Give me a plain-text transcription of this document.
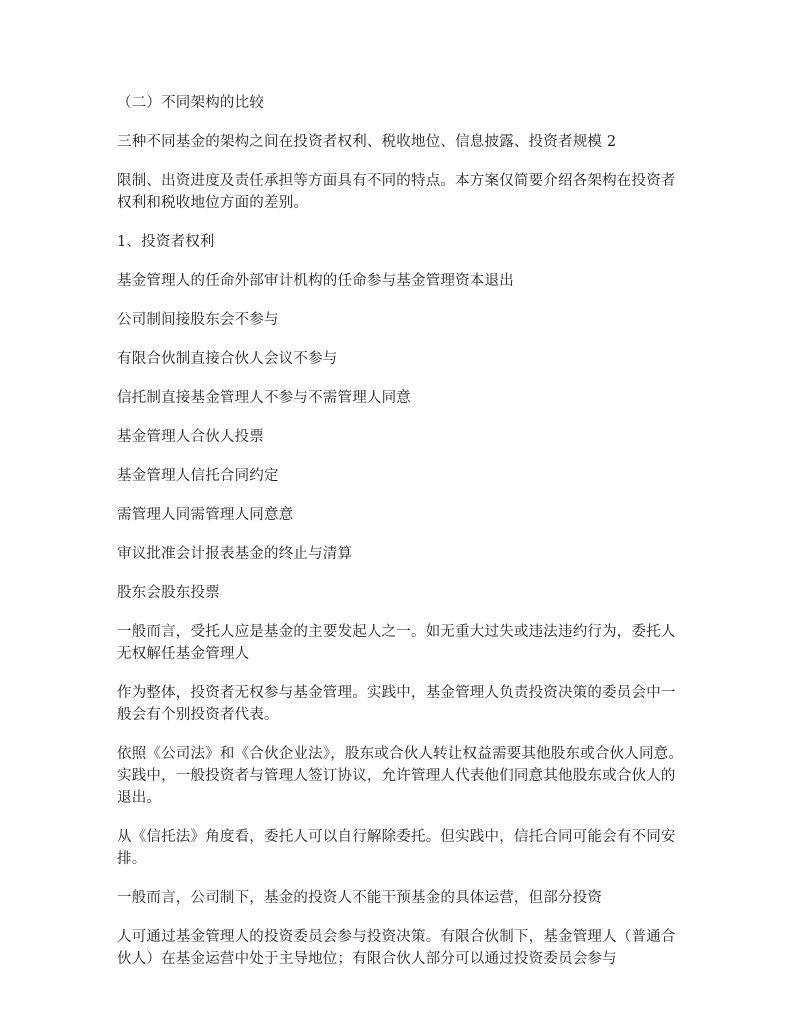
（二）不同架构的比较

三种不同基金的架构之间在投资者权利、税收地位、信息披露、投资者规模 2

限制、出资进度及责任承担等方面具有不同的特点。本方案仅简要介绍各架构在投资者权利和税收地位方面的差别。

1、投资者权利

基金管理人的任命外部审计机构的任命参与基金管理资本退出

公司制间接股东会不参与

有限合伙制直接合伙人会议不参与

信托制直接基金管理人不参与不需管理人同意

基金管理人合伙人投票

基金管理人信托合同约定

需管理人同需管理人同意意

审议批准会计报表基金的终止与清算

股东会股东投票

一般而言，受托人应是基金的主要发起人之一。如无重大过失或违法违约行为，委托人无权解任基金管理人

作为整体，投资者无权参与基金管理。实践中，基金管理人负责投资决策的委员会中一般会有个别投资者代表。

依照《公司法》和《合伙企业法》，股东或合伙人转让权益需要其他股东或合伙人同意。实践中，一般投资者与管理人签订协议，允许管理人代表他们同意其他股东或合伙人的退出。

从《信托法》角度看，委托人可以自行解除委托。但实践中，信托合同可能会有不同安排。

一般而言，公司制下，基金的投资人不能干预基金的具体运营，但部分投资

人可通过基金管理人的投资委员会参与投资决策。有限合伙制下，基金管理人（普通合伙人）在基金运营中处于主导地位；有限合伙人部分可以通过投资委员会参与
